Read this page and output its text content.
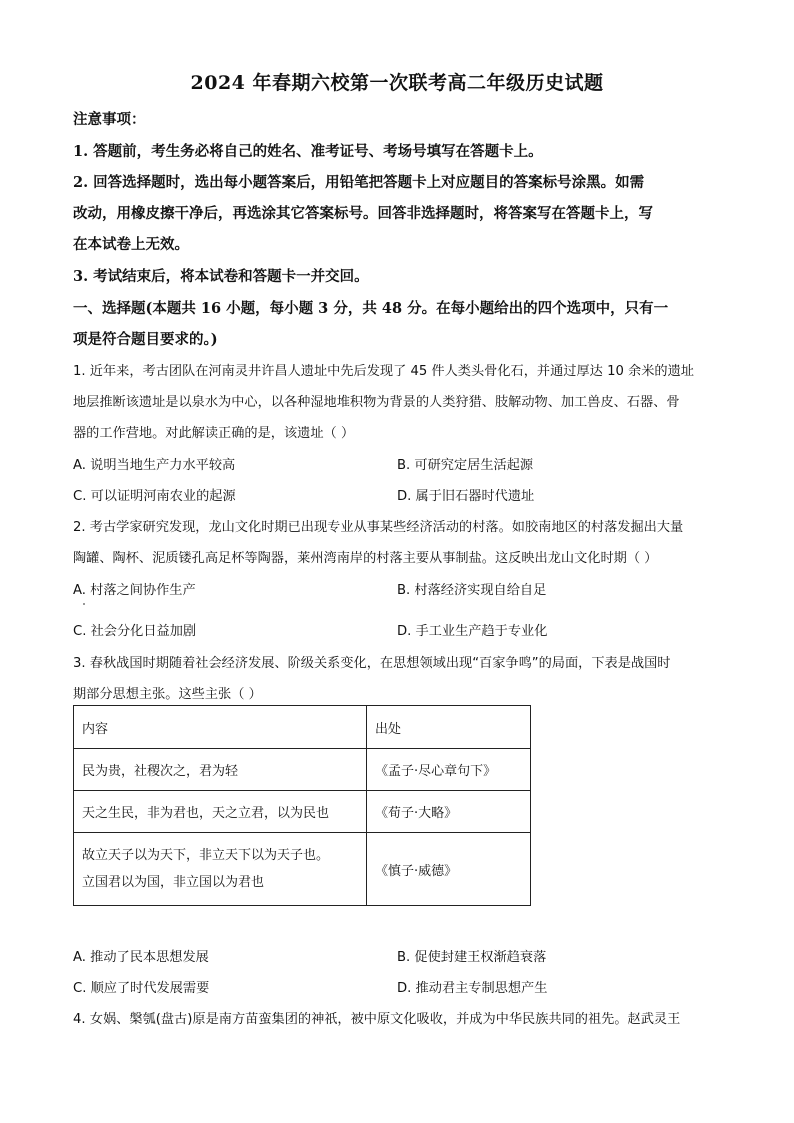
2024 年春期六校第一次联考高二年级历史试题
注意事项：
1. 答题前，考生务必将自己的姓名、准考证号、考场号填写在答题卡上。
2. 回答选择题时，选出每小题答案后，用铅笔把答题卡上对应题目的答案标号涂黑。如需
改动，用橡皮擦干净后，再选涂其它答案标号。回答非选择题时，将答案写在答题卡上，写
在本试卷上无效。
3. 考试结束后，将本试卷和答题卡一并交回。
一、选择题(本题共 16 小题，每小题 3 分，共 48 分。在每小题给出的四个选项中，只有一
项是符合题目要求的。)
1. 近年来，考古团队在河南灵井许昌人遗址中先后发现了 45 件人类头骨化石，并通过厚达 10 余米的遗址
地层推断该遗址是以泉水为中心，以各种湿地堆积物为背景的人类狩猎、肢解动物、加工兽皮、石器、骨
器的工作营地。对此解读正确的是，该遗址（ ）
A. 说明当地生产力水平较高	B. 可研究定居生活起源
C. 可以证明河南农业的起源	D. 属于旧石器时代遗址
2. 考古学家研究发现，龙山文化时期已出现专业从事某些经济活动的村落。如胶南地区的村落发掘出大量
陶罐、陶杯、泥质镂孔高足杯等陶器，莱州湾南岸的村落主要从事制盐。这反映出龙山文化时期（ ）
A. 村落之间协作生产	B. 村落经济实现自给自足
C. 社会分化日益加剧	D. 手工业生产趋于专业化
3. 春秋战国时期随着社会经济发展、阶级关系变化，在思想领域出现“百家争鸣”的局面，下表是战国时
期部分思想主张。这些主张（ ）
内容	出处
民为贵，社稷次之，君为轻	《孟子·尽心章句下》
天之生民，非为君也，天之立君，以为民也	《荀子·大略》

故立天子以为天下，非立天下以为天子也。
立国君以为国，非立国以为君也	《慎子·威德》
A. 推动了民本思想发展	B. 促使封建王权渐趋衰落
C. 顺应了时代发展需要	D. 推动君主专制思想产生
4. 女娲、槃瓠(盘古)原是南方苗蛮集团的神祇，被中原文化吸收，并成为中华民族共同的祖先。赵武灵王
